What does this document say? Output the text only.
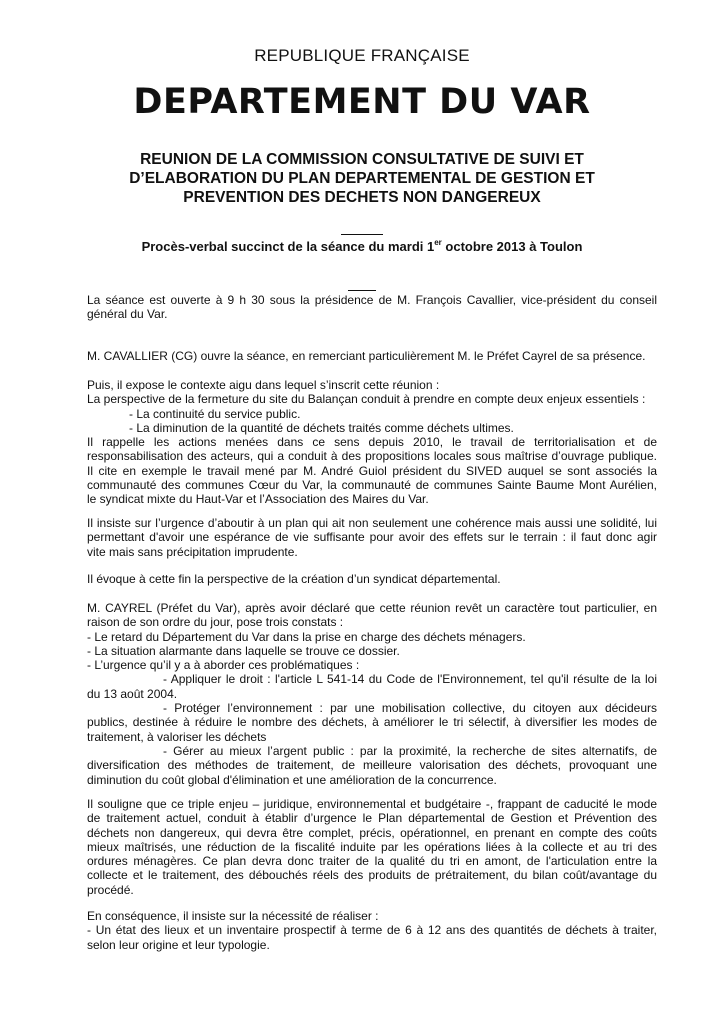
REPUBLIQUE FRANÇAISE
DEPARTEMENT DU VAR
REUNION DE LA COMMISSION CONSULTATIVE DE SUIVI ET
D’ELABORATION DU PLAN DEPARTEMENTAL DE GESTION ET
PREVENTION DES DECHETS NON DANGEREUX
Procès-verbal succinct de la séance du mardi 1er octobre 2013 à Toulon

La séance est ouverte à 9 h 30 sous la présidence de M. François Cavallier, vice-président du conseil

général du Var.

M. CAVALLIER (CG) ouvre la séance, en remerciant particulièrement M. le Préfet Cayrel de sa présence.

Puis, il expose le contexte aigu dans lequel s’inscrit cette réunion :

La perspective de la fermeture du site du Balançan conduit à prendre en compte deux enjeux essentiels :

- La continuité du service public.

- La diminution de la quantité de déchets traités comme déchets ultimes.

Il rappelle les actions menées dans ce sens depuis 2010, le travail de territorialisation et de

responsabilisation des acteurs, qui a conduit à des propositions locales sous maîtrise d’ouvrage publique.

Il cite en exemple le travail mené par M. André Guiol président du SIVED auquel se sont associés la

communauté des communes Cœur du Var, la communauté de communes Sainte Baume Mont Aurélien,

le syndicat mixte du Haut-Var et l’Association des Maires du Var.

Il insiste sur l’urgence d’aboutir à un plan qui ait non seulement une cohérence mais aussi une solidité, lui

permettant d'avoir une espérance de vie suffisante pour avoir des effets sur le terrain : il faut donc agir

vite mais sans précipitation imprudente.

Il évoque à cette fin la perspective de la création d’un syndicat départemental.

M. CAYREL (Préfet du Var), après avoir déclaré que cette réunion revêt un caractère tout particulier, en

raison de son ordre du jour, pose trois constats :

- Le retard du Département du Var dans la prise en charge des déchets ménagers.

- La situation alarmante dans laquelle se trouve ce dossier.

- L’urgence qu’il y a à aborder ces problématiques :

- Appliquer le droit : l'article L 541-14 du Code de l'Environnement, tel qu'il résulte de la loi

du 13 août 2004.

- Protéger l’environnement : par une mobilisation collective, du citoyen aux décideurs

publics, destinée à réduire le nombre des déchets, à améliorer le tri sélectif, à diversifier les modes de

traitement, à valoriser les déchets

- Gérer au mieux l’argent public : par la proximité, la recherche de sites alternatifs, de

diversification des méthodes de traitement, de meilleure valorisation des déchets, provoquant une

diminution du coût global d'élimination et une amélioration de la concurrence.

Il souligne que ce triple enjeu – juridique, environnemental et budgétaire -, frappant de caducité le mode

de traitement actuel, conduit à établir d’urgence le Plan départemental de Gestion et Prévention des

déchets non dangereux, qui devra être complet, précis, opérationnel, en prenant en compte des coûts

mieux maîtrisés, une réduction de la fiscalité induite par les opérations liées à la collecte et au tri des

ordures ménagères. Ce plan devra donc traiter de la qualité du tri en amont, de l'articulation entre la

collecte et le traitement, des débouchés réels des produits de prétraitement, du bilan coût/avantage du

procédé.

En conséquence, il insiste sur la nécessité de réaliser :

- Un état des lieux et un inventaire prospectif à terme de 6 à 12 ans des quantités de déchets à traiter,

selon leur origine et leur typologie.
